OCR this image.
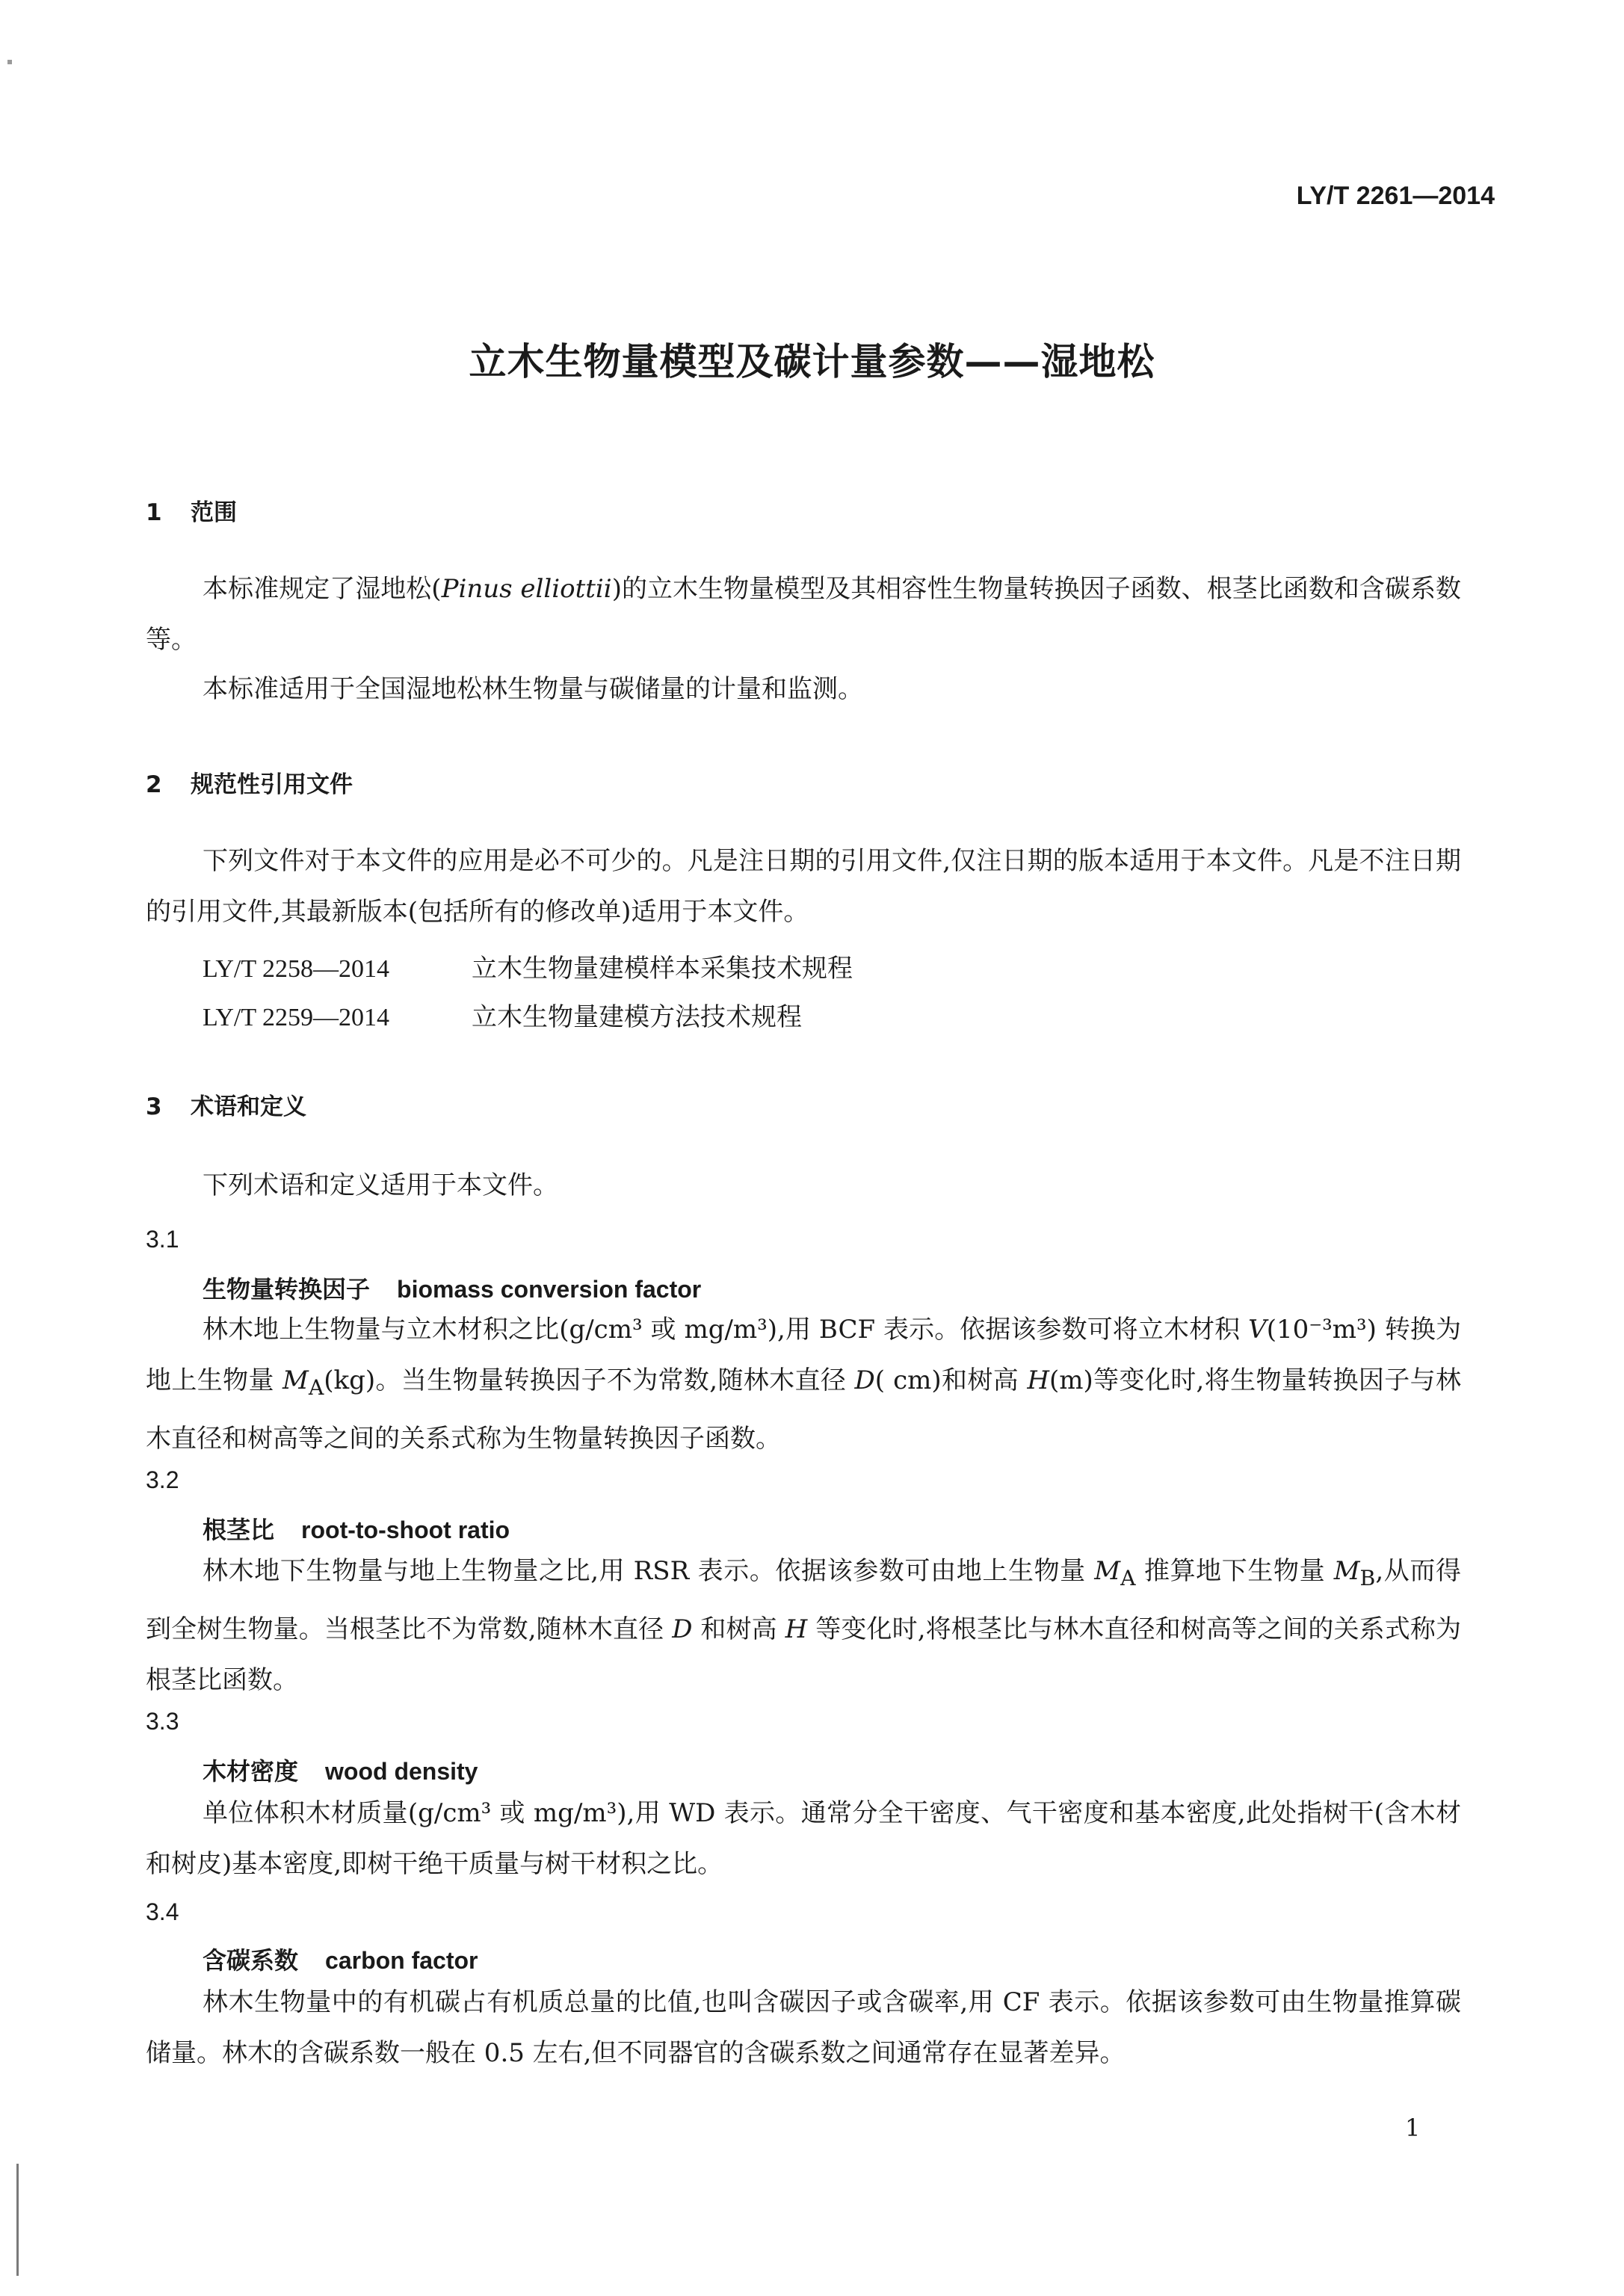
LY/T 2261—2014
立木生物量模型及碳计量参数——湿地松
1 范围
本标准规定了湿地松(Pinus elliottii)的立木生物量模型及其相容性生物量转换因子函数、根茎比函数和含碳系数等。
本标准适用于全国湿地松林生物量与碳储量的计量和监测。
2 规范性引用文件
下列文件对于本文件的应用是必不可少的。凡是注日期的引用文件,仅注日期的版本适用于本文件。凡是不注日期的引用文件,其最新版本(包括所有的修改单)适用于本文件。
LY/T 2258—2014	立木生物量建模样本采集技术规程
LY/T 2259—2014	立木生物量建模方法技术规程
3 术语和定义
下列术语和定义适用于本文件。
3.1
生物量转换因子 biomass conversion factor
林木地上生物量与立木材积之比(g/cm³ 或 mg/m³),用 BCF 表示。依据该参数可将立木材积 V(10⁻³m³) 转换为地上生物量 $M_A(kg)$。当生物量转换因子不为常数,随林木直径 D( cm)和树高 H(m)等变化时,将生物量转换因子与林木直径和树高等之间的关系式称为生物量转换因子函数。
3.2
根茎比 root-to-shoot ratio
林木地下生物量与地上生物量之比,用 RSR 表示。依据该参数可由地上生物量 $M_A$ 推算地下生物量 $M_B$,从而得到全树生物量。当根茎比不为常数,随林木直径 D 和树高 H 等变化时,将根茎比与林木直径和树高等之间的关系式称为根茎比函数。
3.3
木材密度 wood density
单位体积木材质量(g/cm³ 或 mg/m³),用 WD 表示。通常分全干密度、气干密度和基本密度,此处指树干(含木材和树皮)基本密度,即树干绝干质量与树干材积之比。
3.4
含碳系数 carbon factor
林木生物量中的有机碳占有机质总量的比值,也叫含碳因子或含碳率,用 CF 表示。依据该参数可由生物量推算碳储量。林木的含碳系数一般在 0.5 左右,但不同器官的含碳系数之间通常存在显著差异。
1
